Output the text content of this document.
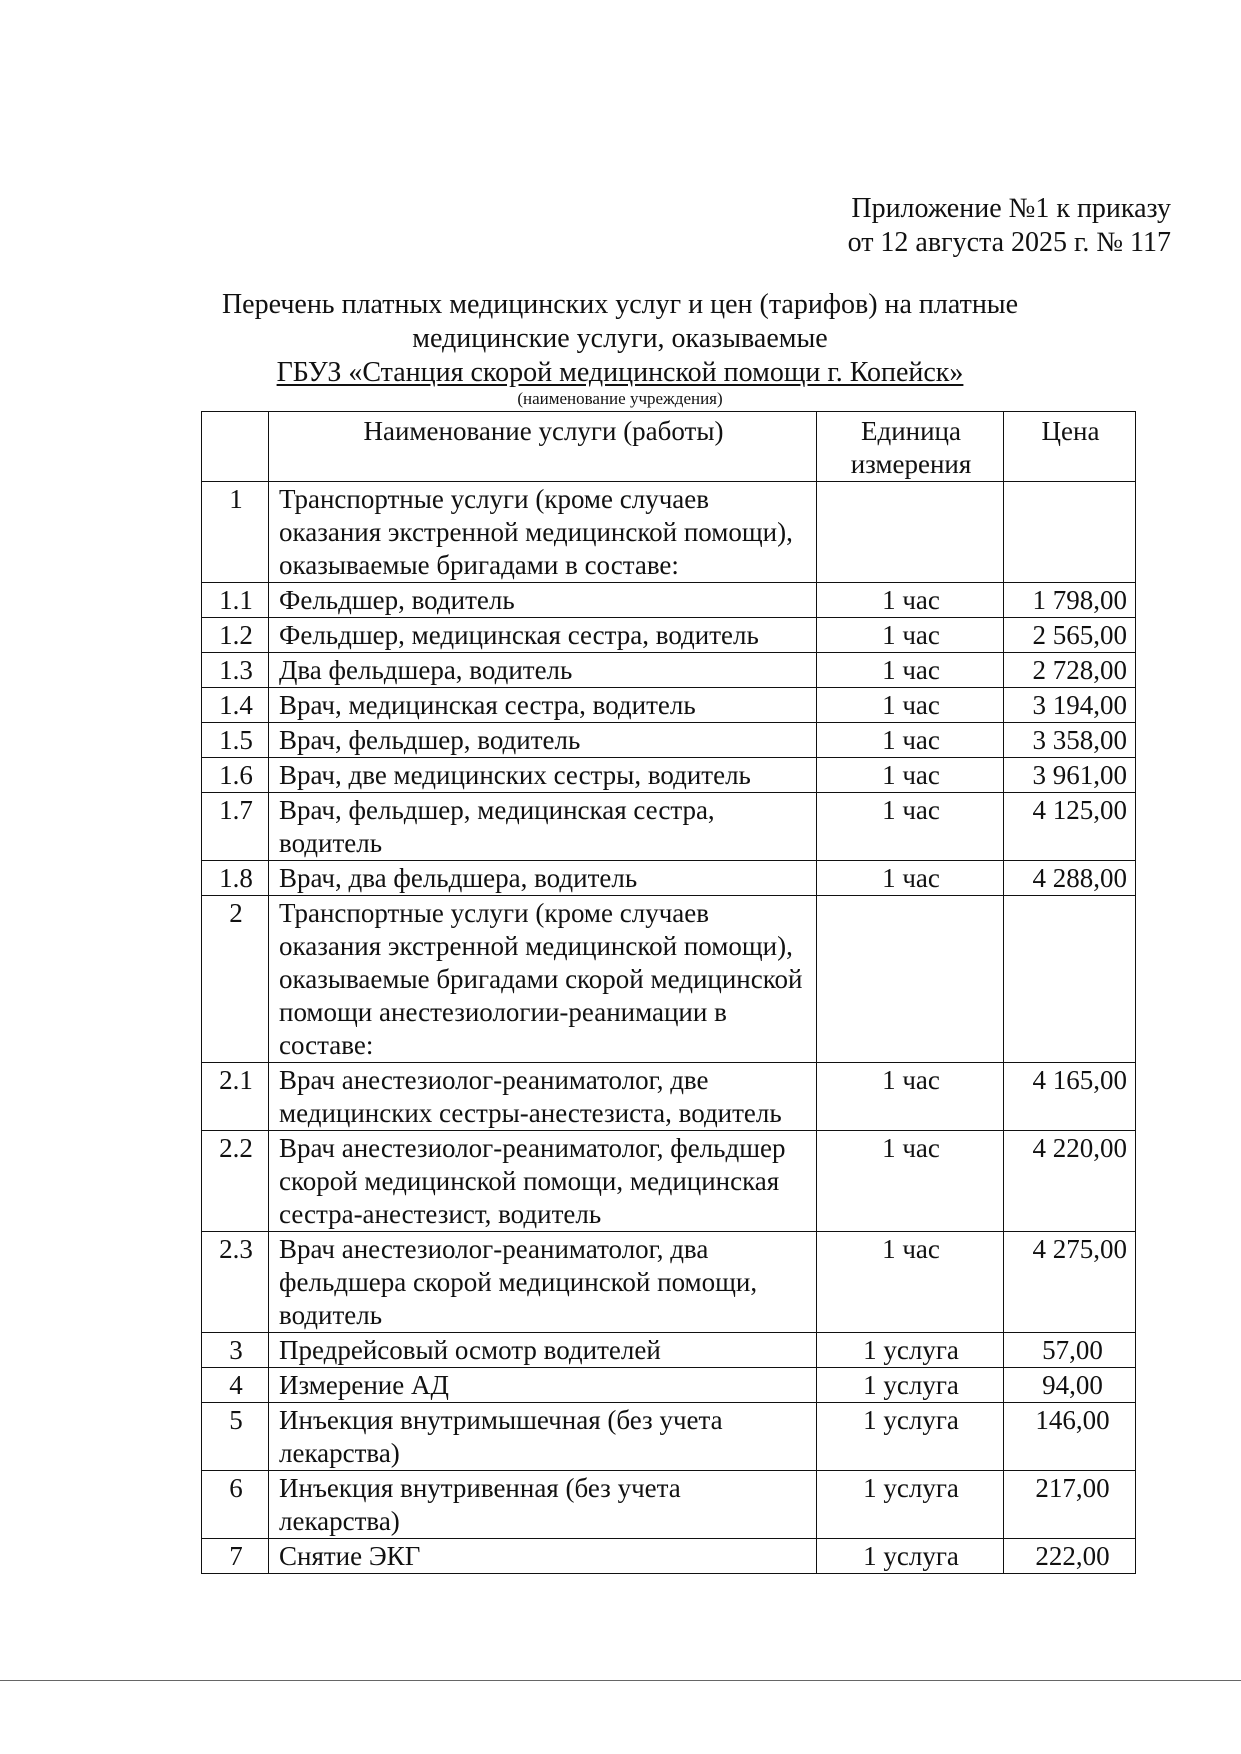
Приложение №1 к приказу
от 12 августа 2025 г. № 117
Перечень платных медицинских услуг и цен (тарифов) на платные
медицинские услуги, оказываемые
ГБУЗ «Станция скорой медицинской помощи г. Копейск»
(наименование учреждения)
	Наименование услуги (работы)	Единица измерения	Цена
1	Транспортные услуги (кроме случаев оказания экстренной медицинской помощи), оказываемые бригадами в составе:		
1.1	Фельдшер, водитель	1 час	1 798,00
1.2	Фельдшер, медицинская сестра, водитель	1 час	2 565,00
1.3	Два фельдшера, водитель	1 час	2 728,00
1.4	Врач, медицинская сестра, водитель	1 час	3 194,00
1.5	Врач, фельдшер, водитель	1 час	3 358,00
1.6	Врач, две медицинских сестры, водитель	1 час	3 961,00
1.7	Врач, фельдшер, медицинская сестра, водитель	1 час	4 125,00
1.8	Врач, два фельдшера, водитель	1 час	4 288,00
2	Транспортные услуги (кроме случаев оказания экстренной медицинской помощи), оказываемые бригадами скорой медицинской помощи анестезиологии-реанимации в составе:		
2.1	Врач анестезиолог-реаниматолог, две медицинских сестры-анестезиста, водитель	1 час	4 165,00
2.2	Врач анестезиолог-реаниматолог, фельдшер скорой медицинской помощи, медицинская сестра-анестезист, водитель	1 час	4 220,00
2.3	Врач анестезиолог-реаниматолог, два фельдшера скорой медицинской помощи, водитель	1 час	4 275,00
3	Предрейсовый осмотр водителей	1 услуга	57,00
4	Измерение АД	1 услуга	94,00
5	Инъекция внутримышечная (без учета лекарства)	1 услуга	146,00
6	Инъекция внутривенная (без учета лекарства)	1 услуга	217,00
7	Снятие ЭКГ	1 услуга	222,00
